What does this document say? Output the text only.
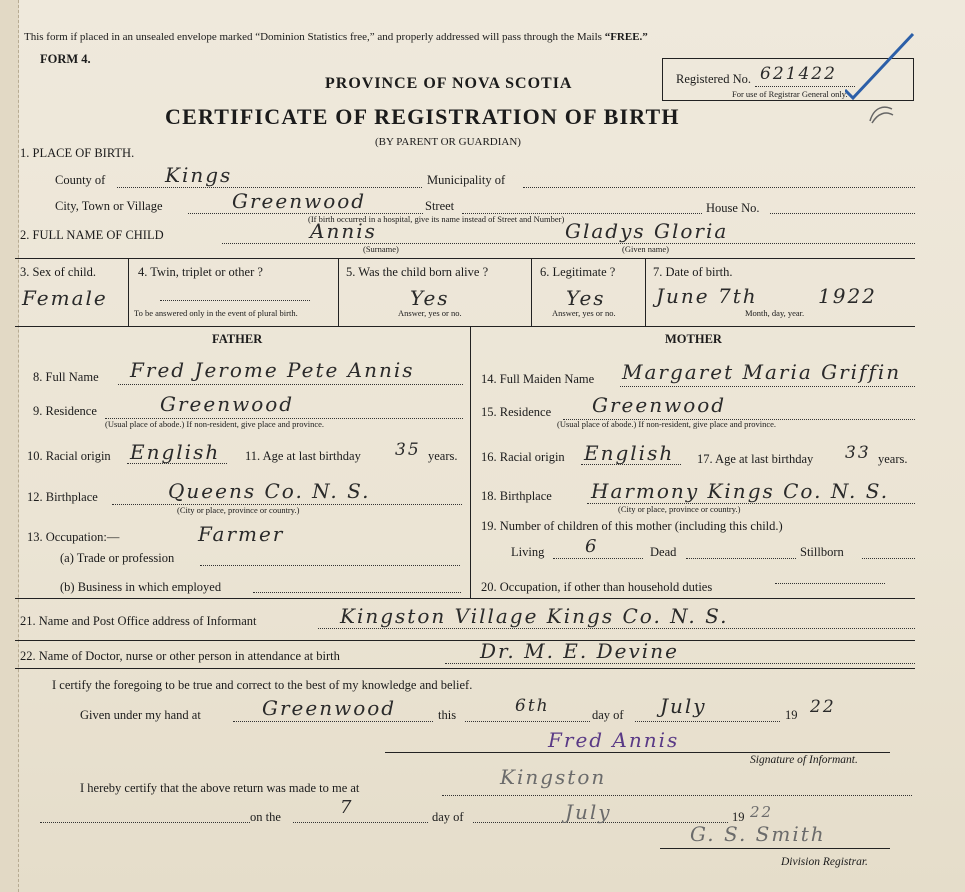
This form if placed in an unsealed envelope marked “Dominion Statistics free,” and properly addressed will pass through the Mails “FREE.”
FORM 4.
PROVINCE OF NOVA SCOTIA
CERTIFICATE OF REGISTRATION OF BIRTH
(BY PARENT OR GUARDIAN)
Registered No. 621422
For use of Registrar General only.
1. PLACE OF BIRTH.
County of	Kings	Municipality of
City, Town or Village	Greenwood	Street	House No.
(If birth occurred in a hospital, give its name instead of Street and Number)
2. FULL NAME OF CHILD	Annis
(Surname)
Gladys Gloria
(Given name)
3. Sex of child.
Female
4. Twin, triplet or other ?
To be answered only in the event of plural birth.
5. Was the child born alive ?
Yes
Answer, yes or no.
6. Legitimate ?
Yes
Answer, yes or no.
7. Date of birth.
June 7th	1922
Month, day, year.
FATHER	MOTHER
8. Full Name Fred Jerome Pete Annis
9. Residence	Greenwood
(Usual place of abode.) If non-resident, give place and province.
10. Racial origin English 11. Age at last birthday 35 years.
12. Birthplace	Queens Co. N. S.
(City or place, province or country.)
13. Occupation:—	Farmer
(a) Trade or profession
(b) Business in which employed
14. Full Maiden Name Margaret Maria Griffin
15. Residence Greenwood
(Usual place of abode.) If non-resident, give place and province.
16. Racial origin English 17. Age at last birthday 33 years.
18. Birthplace Harmony Kings Co. N. S.
(City or place, province or country.)
19. Number of children of this mother (including this child.)
Living 6	Dead	Stillborn
20. Occupation, if other than household duties
21. Name and Post Office address of Informant	Kingston Village Kings Co. N. S.
22. Name of Doctor, nurse or other person in attendance at birth	Dr. M. E. Devine
I certify the foregoing to be true and correct to the best of my knowledge and belief.
Given under my hand at	Greenwood	this	6th	day of July	19 22
Fred Annis
Signature of Informant.
I hereby certify that the above return was made to me at	Kingston
on the	7	day of	July	19 22
G. S. Smith
Division Registrar.
